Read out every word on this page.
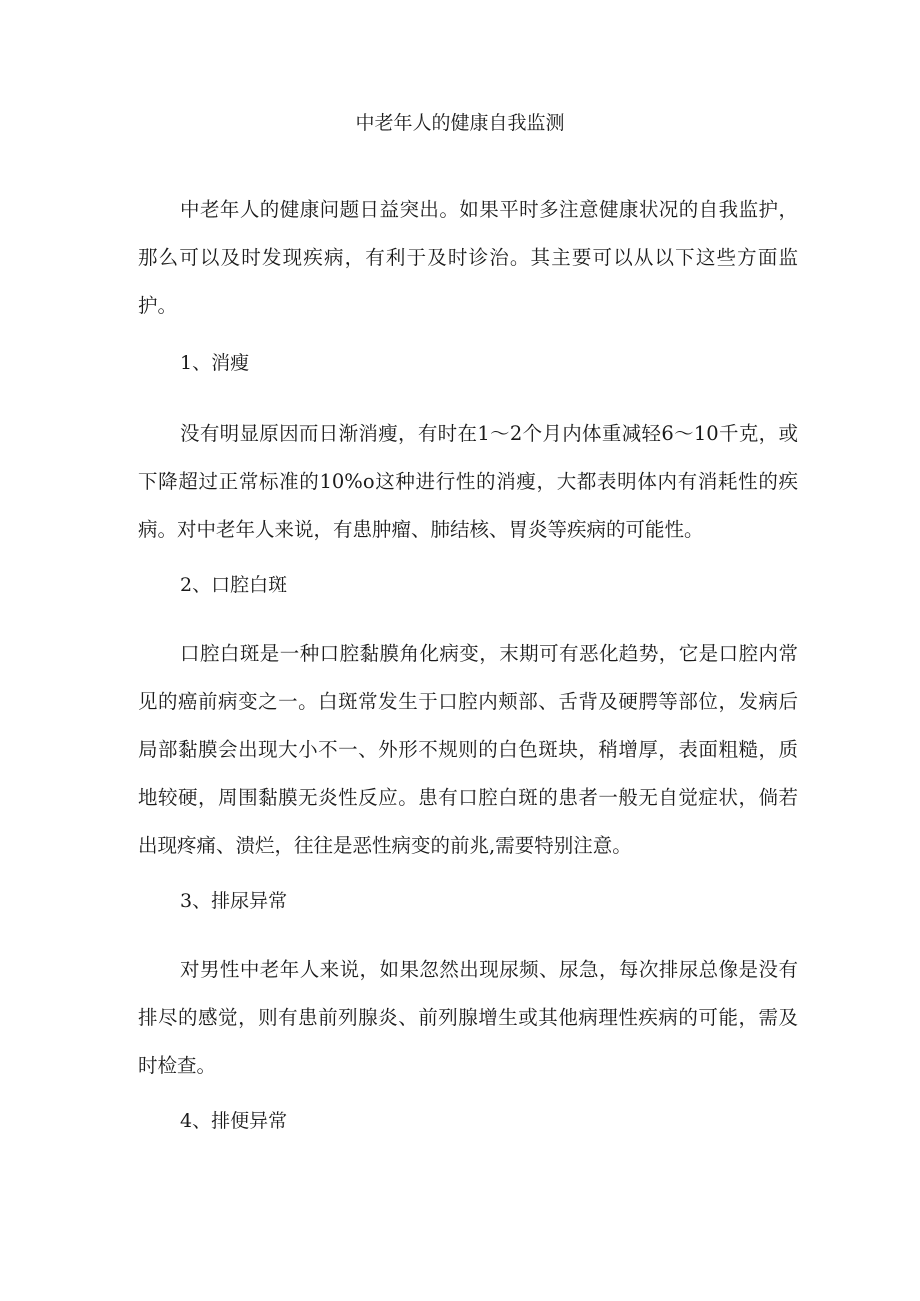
中老年人的健康自我监测
中老年人的健康问题日益突出。如果平时多注意健康状况的自我监护，那么可以及时发现疾病，有利于及时诊治。其主要可以从以下这些方面监护。
1、消瘦
没有明显原因而日渐消瘦，有时在1～2个月内体重减轻6～10千克，或下降超过正常标准的10%o这种进行性的消瘦，大都表明体内有消耗性的疾病。对中老年人来说，有患肿瘤、肺结核、胃炎等疾病的可能性。
2、口腔白斑
口腔白斑是一种口腔黏膜角化病变，末期可有恶化趋势，它是口腔内常见的癌前病变之一。白斑常发生于口腔内颊部、舌背及硬腭等部位，发病后局部黏膜会出现大小不一、外形不规则的白色斑块，稍增厚，表面粗糙，质地较硬，周围黏膜无炎性反应。患有口腔白斑的患者一般无自觉症状，倘若出现疼痛、溃烂，往往是恶性病变的前兆,需要特别注意。
3、排尿异常
对男性中老年人来说，如果忽然出现尿频、尿急，每次排尿总像是没有排尽的感觉，则有患前列腺炎、前列腺增生或其他病理性疾病的可能，需及时检查。
4、排便异常
